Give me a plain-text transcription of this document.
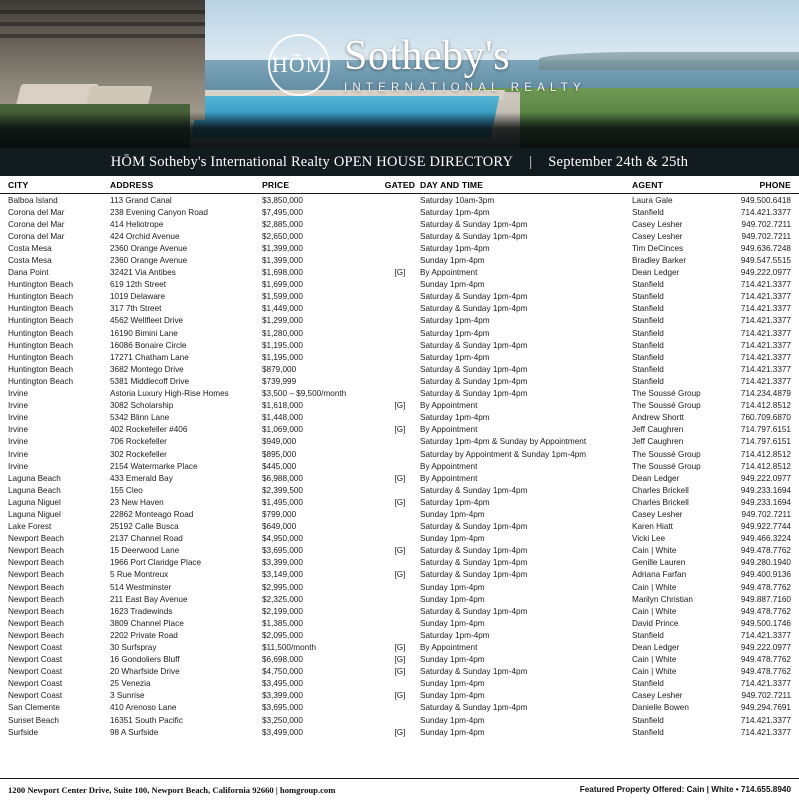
HŌM Sotheby's
INTERNATIONAL REALTY
HŌM Sotheby's International Realty OPEN HOUSE DIRECTORY	|	September 24th & 25th
CITY	ADDRESS	PRICE	GATED	DAY AND TIME	AGENT	PHONE
Balboa Island	113 Grand Canal	$3,850,000		Saturday 10am-3pm	Laura Gale	949.500.6418
Corona del Mar	238 Evening Canyon Road	$7,495,000		Saturday 1pm-4pm	Stanfield	714.421.3377
Corona del Mar	414 Heliotrope	$2,885,000		Saturday & Sunday 1pm-4pm	Casey Lesher	949.702.7211
Corona del Mar	424 Orchid Avenue	$2,650,000		Saturday & Sunday 1pm-4pm	Casey Lesher	949.702.7211
Costa Mesa	2360 Orange Avenue	$1,399,000		Saturday 1pm-4pm	Tim DeCinces	949.636.7248
Costa Mesa	2360 Orange Avenue	$1,399,000		Sunday 1pm-4pm	Bradley Barker	949.547.5515
Dana Point	32421 Via Antibes	$1,698,000	[G]	By Appointment	Dean Ledger	949.222.0977
Huntington Beach	619 12th Street	$1,699,000		Sunday 1pm-4pm	Stanfield	714.421.3377
Huntington Beach	1019 Delaware	$1,599,000		Saturday & Sunday 1pm-4pm	Stanfield	714.421.3377
Huntington Beach	317 7th Street	$1,449,000		Saturday & Sunday 1pm-4pm	Stanfield	714.421.3377
Huntington Beach	4562 Wellfleet Drive	$1,299,000		Saturday 1pm-4pm	Stanfield	714.421.3377
Huntington Beach	16190 Bimini Lane	$1,280,000		Saturday 1pm-4pm	Stanfield	714.421.3377
Huntington Beach	16086 Bonaire Circle	$1,195,000		Saturday & Sunday 1pm-4pm	Stanfield	714.421.3377
Huntington Beach	17271 Chatham Lane	$1,195,000		Saturday 1pm-4pm	Stanfield	714.421.3377
Huntington Beach	3682 Montego Drive	$879,000		Saturday & Sunday 1pm-4pm	Stanfield	714.421.3377
Huntington Beach	5381 Middlecoff Drive	$739,999		Saturday & Sunday 1pm-4pm	Stanfield	714.421.3377
Irvine	Astoria Luxury High-Rise Homes	$3,500 – $9,500/month		Saturday & Sunday 1pm-4pm	The Soussé Group	714.234.4879
Irvine	3082 Scholarship	$1,618,000	[G]	By Appointment	The Soussé Group	714.412.8512
Irvine	5342 Blinn Lane	$1,448,000		Saturday 1pm-4pm	Andrew Shortt	760.709.6870
Irvine	402 Rockefeller #406	$1,069,000	[G]	By Appointment	Jeff Caughren	714.797.6151
Irvine	706 Rockefeller	$949,000		Saturday 1pm-4pm & Sunday by Appointment	Jeff Caughren	714.797.6151
Irvine	302 Rockefeller	$895,000		Saturday by Appointment & Sunday 1pm-4pm	The Soussé Group	714.412.8512
Irvine	2154 Watermarke Place	$445,000		By Appointment	The Soussé Group	714.412.8512
Laguna Beach	433 Emerald Bay	$6,988,000	[G]	By Appointment	Dean Ledger	949.222.0977
Laguna Beach	155 Cleo	$2,399,500		Saturday & Sunday 1pm-4pm	Charles Brickell	949.233.1694
Laguna Niguel	23 New Haven	$1,495,000	[G]	Saturday 1pm-4pm	Charles Brickell	949.233.1694
Laguna Niguel	22862 Monteago Road	$799,000		Sunday 1pm-4pm	Casey Lesher	949.702.7211
Lake Forest	25192 Calle Busca	$649,000		Saturday & Sunday 1pm-4pm	Karen Hiatt	949.922.7744
Newport Beach	2137 Channel Road	$4,950,000		Sunday 1pm-4pm	Vicki Lee	949.466.3224
Newport Beach	15 Deerwood Lane	$3,695,000	[G]	Saturday & Sunday 1pm-4pm	Cain | White	949.478.7762
Newport Beach	1966 Port Claridge Place	$3,399,000		Saturday & Sunday 1pm-4pm	Genille Lauren	949.280.1940
Newport Beach	5 Rue Montreux	$3,149,000	[G]	Saturday & Sunday 1pm-4pm	Adriana Farfan	949.400.9136
Newport Beach	514 Westminster	$2,995,000		Sunday 1pm-4pm	Cain | White	949.478.7762
Newport Beach	211 East Bay Avenue	$2,325,000		Sunday 1pm-4pm	Marilyn Christian	949.887.7160
Newport Beach	1623 Tradewinds	$2,199,000		Saturday & Sunday 1pm-4pm	Cain | White	949.478.7762
Newport Beach	3809 Channel Place	$1,385,000		Sunday 1pm-4pm	David Prince	949.500.1746
Newport Beach	2202 Private Road	$2,095,000		Saturday 1pm-4pm	Stanfield	714.421.3377
Newport Coast	30 Surfspray	$11,500/month	[G]	By Appointment	Dean Ledger	949.222.0977
Newport Coast	16 Gondoliers Bluff	$6,698,000	[G]	Sunday 1pm-4pm	Cain | White	949.478.7762
Newport Coast	20 Wharfside Drive	$4,750,000	[G]	Saturday & Sunday 1pm-4pm	Cain | White	949.478.7762
Newport Coast	25 Venezia	$3,495,000		Sunday 1pm-4pm	Stanfield	714.421.3377
Newport Coast	3 Sunrise	$3,399,000	[G]	Sunday 1pm-4pm	Casey Lesher	949.702.7211
San Clemente	410 Arenoso Lane	$3,695,000		Saturday & Sunday 1pm-4pm	Danielle Bowen	949.294.7691
Sunset Beach	16351 South Pacific	$3,250,000		Sunday 1pm-4pm	Stanfield	714.421.3377
Surfside	98 A Surfside	$3,499,000	[G]	Sunday 1pm-4pm	Stanfield	714.421.3377
1200 Newport Center Drive, Suite 100, Newport Beach, California 92660 | homgroup.com	Featured Property Offered: Cain | White • 714.655.8940
